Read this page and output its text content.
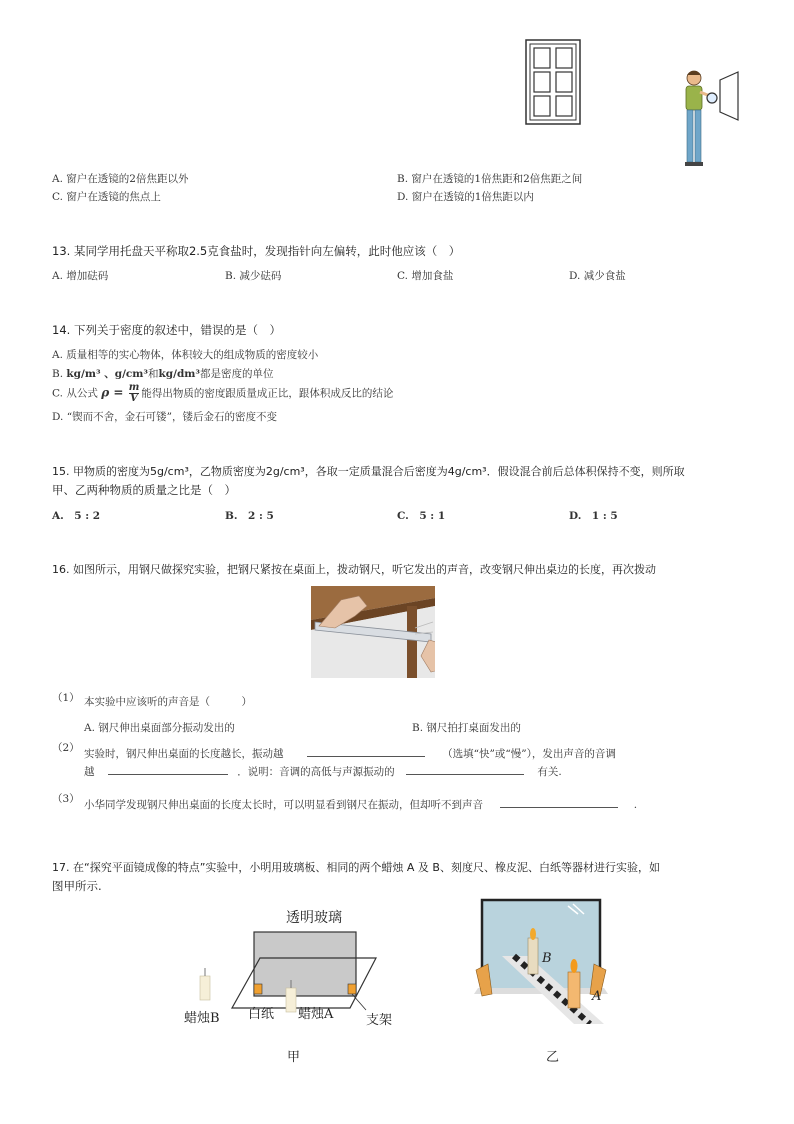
A. 窗户在透镜的2倍焦距以外	B. 窗户在透镜的1倍焦距和2倍焦距之间
C. 窗户在透镜的焦点上	D. 窗户在透镜的1倍焦距以内
13. 某同学用托盘天平称取2.5克食盐时，发现指针向左偏转，此时他应该（　）
A. 增加砝码	B. 减少砝码	C. 增加食盐	D. 减少食盐
14. 下列关于密度的叙述中，错误的是（　）
A. 质量相等的实心物体，体积较大的组成物质的密度较小
B. kg/m³ 、g/cm³和kg/dm³都是密度的单位
C. 从公式 $\rho = \frac{m}{V}$ 能得出物质的密度跟质量成正比，跟体积成反比的结论
D. “锲而不舍，金石可镂”，镂后金石的密度不变
15. 甲物质的密度为5g/cm³，乙物质密度为2g/cm³，各取一定质量混合后密度为4g/cm³．假设混合前后总体积保持不变，则所取
甲、乙两种物质的质量之比是（　）
A.　5 : 2	B.　2 : 5	C.　5 : 1	D.　1 : 5
16. 如图所示，用钢尺做探究实验，把钢尺紧按在桌面上，拨动钢尺，听它发出的声音，改变钢尺伸出桌边的长度，再次拨动
（1） 本实验中应该听的声音是（　　　）
A. 钢尺伸出桌面部分振动发出的	B. 钢尺拍打桌面发出的
（2） 实验时，钢尺伸出桌面的长度越长，振动越	（选填“快”或“慢”），发出声音的音调
越	．说明：音调的高低与声源振动的	有关.
（3） 小华同学发现钢尺伸出桌面的长度太长时，可以明显看到钢尺在振动，但却听不到声音	.
17. 在“探究平面镜成像的特点”实验中，小明用玻璃板、相同的两个蜡烛 A 及 B、刻度尺、橡皮泥、白纸等器材进行实验，如
图甲所示.
透明玻璃
蜡烛B 白纸 蜡烛A	支架
B
A
甲	乙
